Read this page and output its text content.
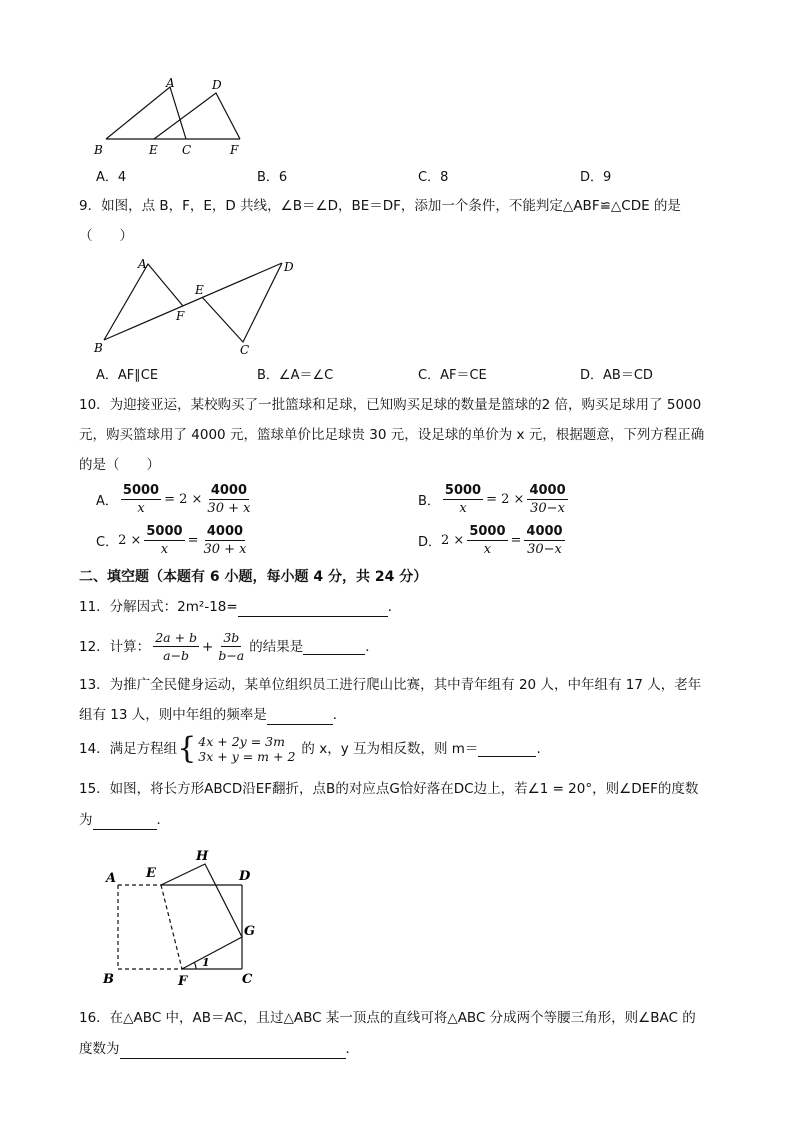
A	D
B	E C	F
A．4	B．6	C．8	D．9
9．如图，点 B，F，E，D 共线，∠B＝∠D，BE＝DF，添加一个条件，不能判定△ABF≌△CDE 的是
（　　）
A	D
E
F
B	C
A．AF∥CE	B．∠A＝∠C	C．AF＝CE	D．AB＝CD
10．为迎接亚运，某校购买了一批篮球和足球，已知购买足球的数量是篮球的2 倍，购买足球用了 5000
元，购买篮球用了 4000 元，篮球单价比足球贵 30 元，设足球的单价为 x 元，根据题意，下列方程正确
的是（　　）
A． $\frac{5000}{x} = 2 \times \frac{4000}{30 + x}$	B． $\frac{5000}{x} = 2 \times \frac{4000}{30-x}$
C． $2 \times \frac{5000}{x} = \frac{4000}{30 + x}$	D． $2 \times \frac{5000}{x} = \frac{4000}{30-x}$
二、填空题（本题有 6 小题，每小题 4 分，共 24 分）
11．分解因式：2m²-18=	．
12．计算： $\frac{2a + b}{a-b} + \frac{3b}{b-a}$ 的结果是	．
13．为推广全民健身运动，某单位组织员工进行爬山比赛，其中青年组有 20 人，中年组有 17 人，老年
组有 13 人，则中年组的频率是	．
14．满足方程组 { 4x + 2y = 3m
3x + y = m + 2 的 x，y 互为相反数，则 m＝	.
15．如图，将长方形ABCD沿EF翻折，点B的对应点G恰好落在DC边上，若∠1 = 20°，则∠DEF的度数
为	．
A E
H
D
G
B	F	C
1
16．在△ABC 中，AB＝AC，且过△ABC 某一顶点的直线可将△ABC 分成两个等腰三角形，则∠BAC 的
度数为	．
